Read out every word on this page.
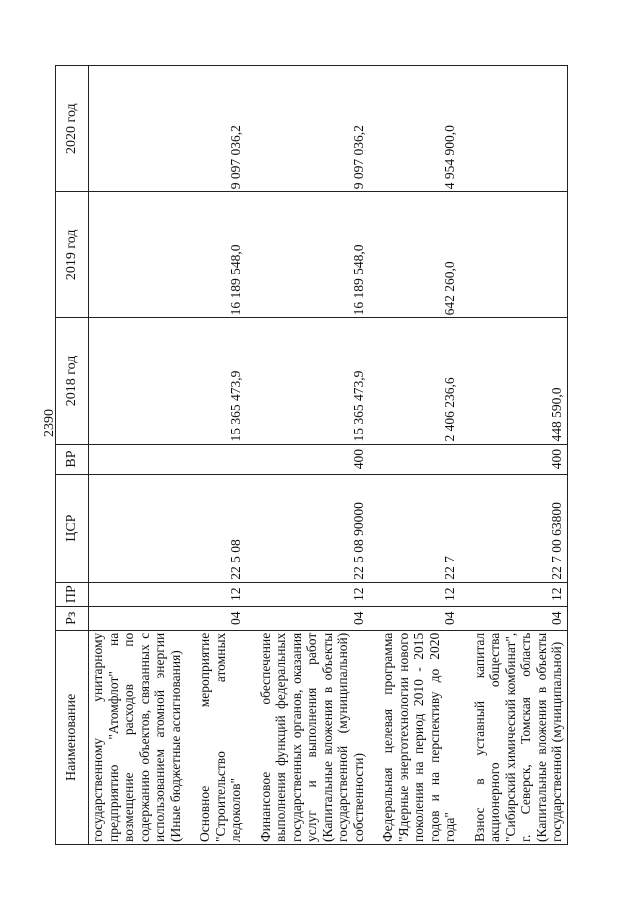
2390
Наименование	Рз	ПР	ЦСР	ВР	2018 год	2019 год	2020 год
государственному унитарному предприятию "Атомфлот" на возмещение расходов по содержанию объектов, связанных с использованием атомной энергии (Иные бюджетные ассигнования)							
Основное мероприятие "Строительство атомных ледоколов"	04	12	22 5 08		15 365 473,9	16 189 548,0	9 097 036,2
Финансовое обеспечение выполнения функций федеральных государственных органов, оказания услуг и выполнения работ (Капитальные вложения в объекты государственной (муниципальной) собственности)	04	12	22 5 08 90000	400	15 365 473,9	16 189 548,0	9 097 036,2
Федеральная целевая программа "Ядерные энерготехнологии нового поколения на период 2010 - 2015 годов и на перспективу до 2020 года"	04	12	22 7		2 406 236,6	642 260,0	4 954 900,0
Взнос в уставный капитал акционерного общества "Сибирский химический комбинат", г. Северск, Томская область (Капитальные вложения в объекты государственной (муниципальной)	04	12	22 7 00 63800	400	448 590,0		
